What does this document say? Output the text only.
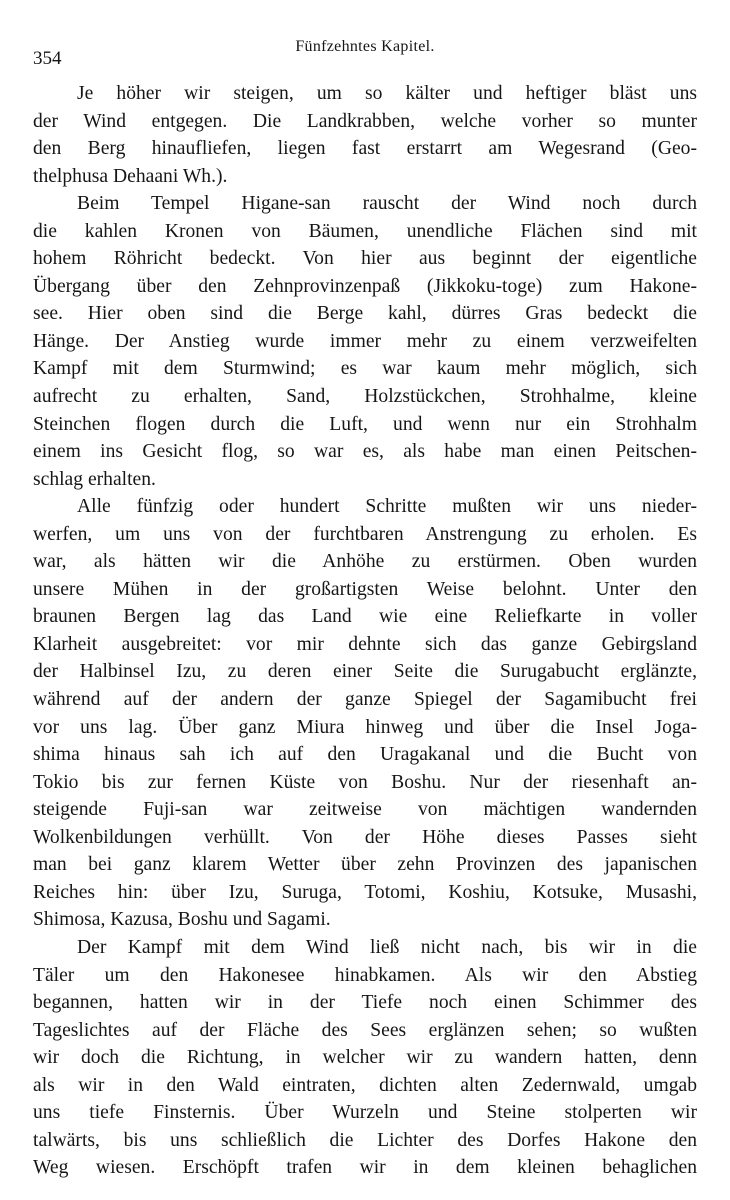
354
Fünfzehntes Kapitel.
Je höher wir steigen, um so kälter und heftiger bläst uns
der Wind entgegen. Die Landkrabben, welche vorher so munter
den Berg hinaufliefen, liegen fast erstarrt am Wegesrand (Geo-
thelphusa Dehaani Wh.).
Beim Tempel Higane-san rauscht der Wind noch durch
die kahlen Kronen von Bäumen, unendliche Flächen sind mit
hohem Röhricht bedeckt. Von hier aus beginnt der eigentliche
Übergang über den Zehnprovinzenpaß (Jikkoku-toge) zum Hakone-
see. Hier oben sind die Berge kahl, dürres Gras bedeckt die
Hänge. Der Anstieg wurde immer mehr zu einem verzweifelten
Kampf mit dem Sturmwind; es war kaum mehr möglich, sich
aufrecht zu erhalten, Sand, Holzstückchen, Strohhalme, kleine
Steinchen flogen durch die Luft, und wenn nur ein Strohhalm
einem ins Gesicht flog, so war es, als habe man einen Peitschen-
schlag erhalten.
Alle fünfzig oder hundert Schritte mußten wir uns nieder-
werfen, um uns von der furchtbaren Anstrengung zu erholen. Es
war, als hätten wir die Anhöhe zu erstürmen. Oben wurden
unsere Mühen in der großartigsten Weise belohnt. Unter den
braunen Bergen lag das Land wie eine Reliefkarte in voller
Klarheit ausgebreitet: vor mir dehnte sich das ganze Gebirgsland
der Halbinsel Izu, zu deren einer Seite die Surugabucht erglänzte,
während auf der andern der ganze Spiegel der Sagamibucht frei
vor uns lag. Über ganz Miura hinweg und über die Insel Joga-
shima hinaus sah ich auf den Uragakanal und die Bucht von
Tokio bis zur fernen Küste von Boshu. Nur der riesenhaft an-
steigende Fuji-san war zeitweise von mächtigen wandernden
Wolkenbildungen verhüllt. Von der Höhe dieses Passes sieht
man bei ganz klarem Wetter über zehn Provinzen des japanischen
Reiches hin: über Izu, Suruga, Totomi, Koshiu, Kotsuke, Musashi,
Shimosa, Kazusa, Boshu und Sagami.
Der Kampf mit dem Wind ließ nicht nach, bis wir in die
Täler um den Hakonesee hinabkamen. Als wir den Abstieg
begannen, hatten wir in der Tiefe noch einen Schimmer des
Tageslichtes auf der Fläche des Sees erglänzen sehen; so wußten
wir doch die Richtung, in welcher wir zu wandern hatten, denn
als wir in den Wald eintraten, dichten alten Zedernwald, umgab
uns tiefe Finsternis. Über Wurzeln und Steine stolperten wir
talwärts, bis uns schließlich die Lichter des Dorfes Hakone den
Weg wiesen. Erschöpft trafen wir in dem kleinen behaglichen
